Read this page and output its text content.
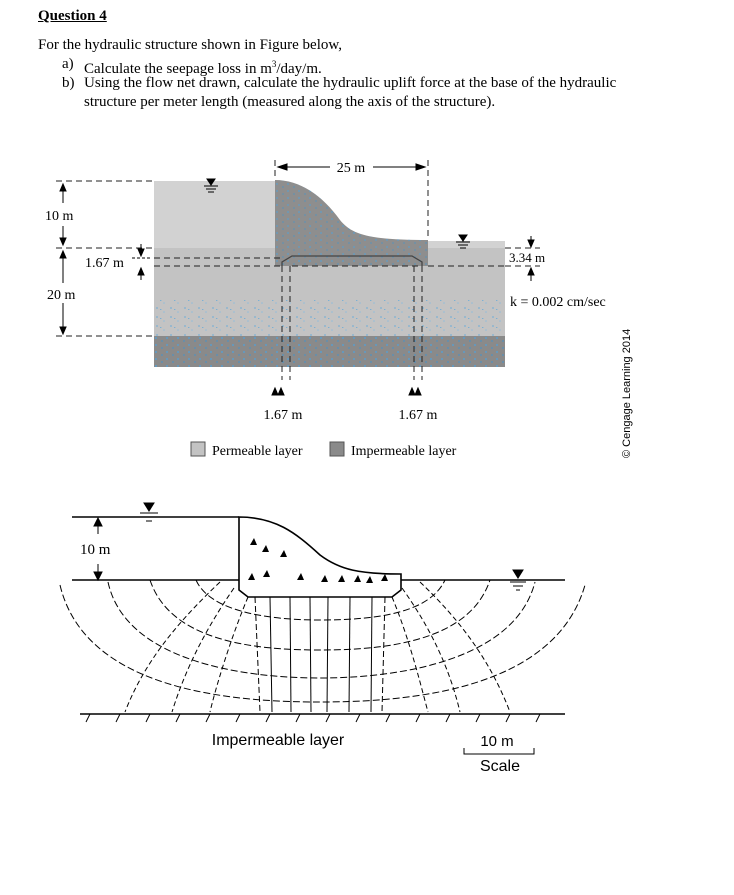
Question 4
For the hydraulic structure shown in Figure below,
a) Calculate the seepage loss in $m^3/day/m$.
b) Using the flow net drawn, calculate the hydraulic uplift force at the base of the hydraulic structure per meter length (measured along the axis of the structure).
25 m
10 m
1.67 m
20 m
3.34 m
k = 0.002 cm/sec
1.67 m	1.67 m
Permeable layer	Impermeable layer	© Cengage Learning 2014
10 m
Impermeable layer	10 m
Scale
